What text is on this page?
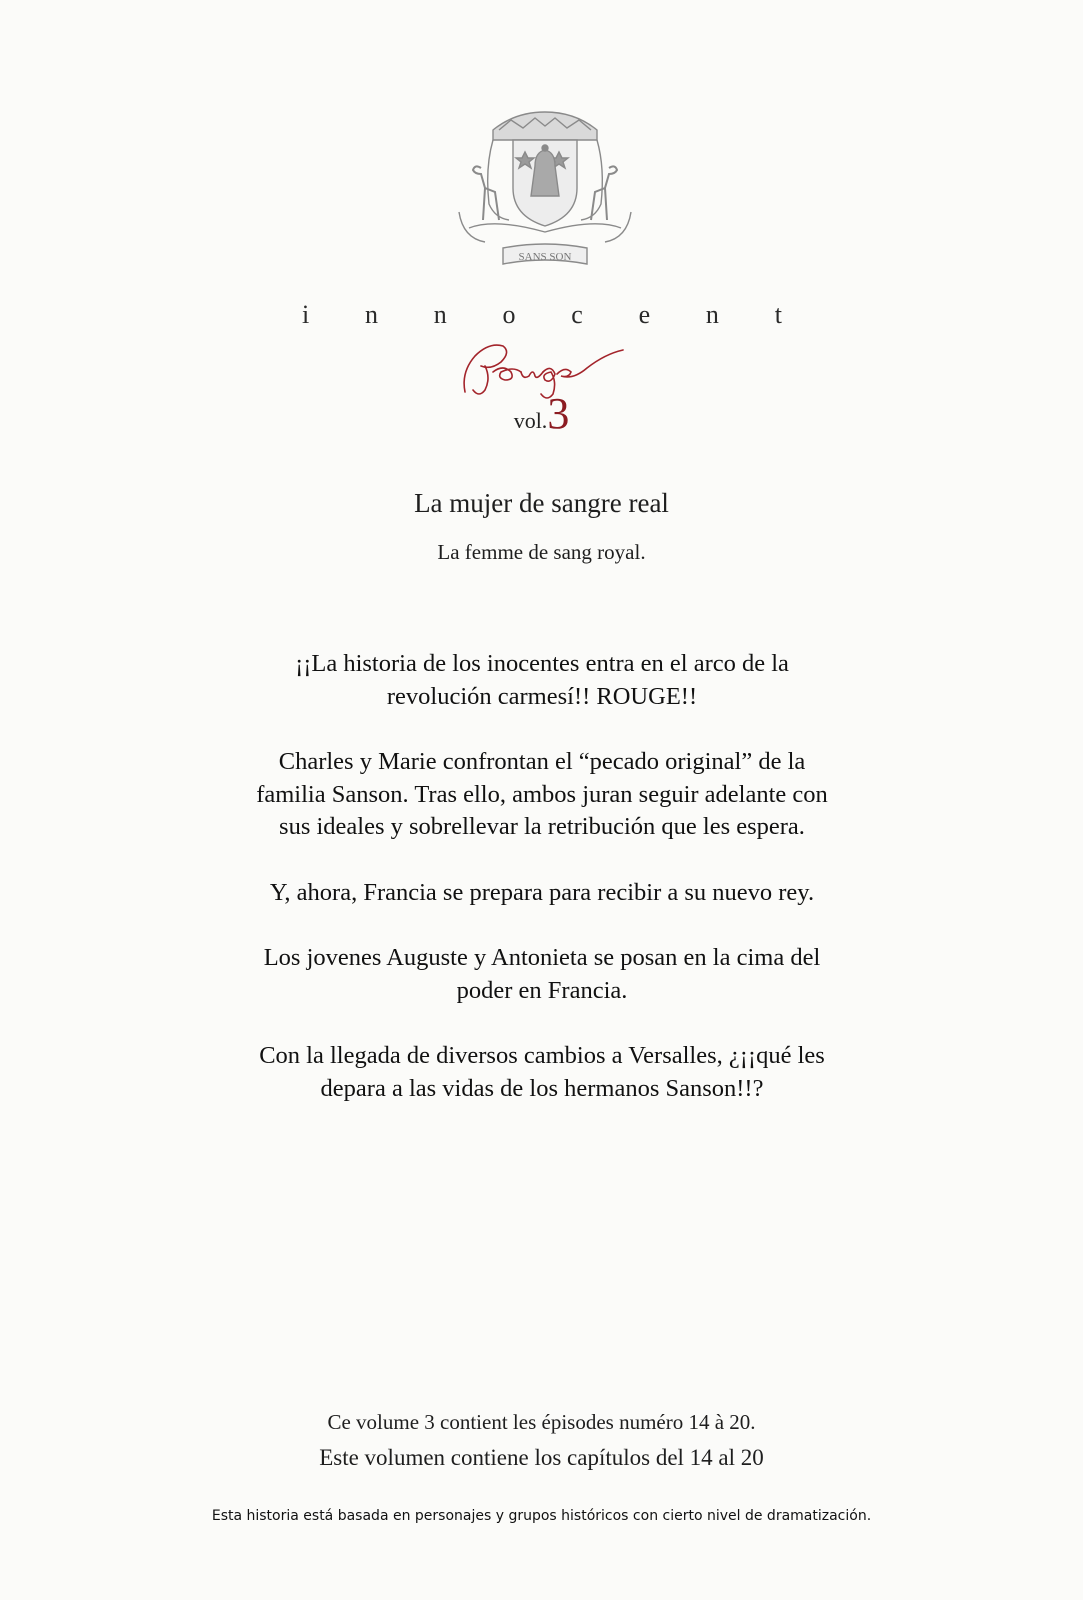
SANS SON
i n n o c e n t
vol.3
La mujer de sangre real
La femme de sang royal.

¡¡La historia de los inocentes entra en el arco de la revolución carmesí!! ROUGE!!

Charles y Marie confrontan el “pecado original” de la familia Sanson. Tras ello, ambos juran seguir adelante con sus ideales y sobrellevar la retribución que les espera.

Y, ahora, Francia se prepara para recibir a su nuevo rey.

Los jovenes Auguste y Antonieta se posan en la cima del poder en Francia.

Con la llegada de diversos cambios a Versalles, ¿¡¡qué les depara a las vidas de los hermanos Sanson!!?

Ce volume 3 contient les épisodes numéro 14 à 20.
Este volumen contiene los capítulos del 14 al 20
Esta historia está basada en personajes y grupos históricos con cierto nivel de dramatización.
